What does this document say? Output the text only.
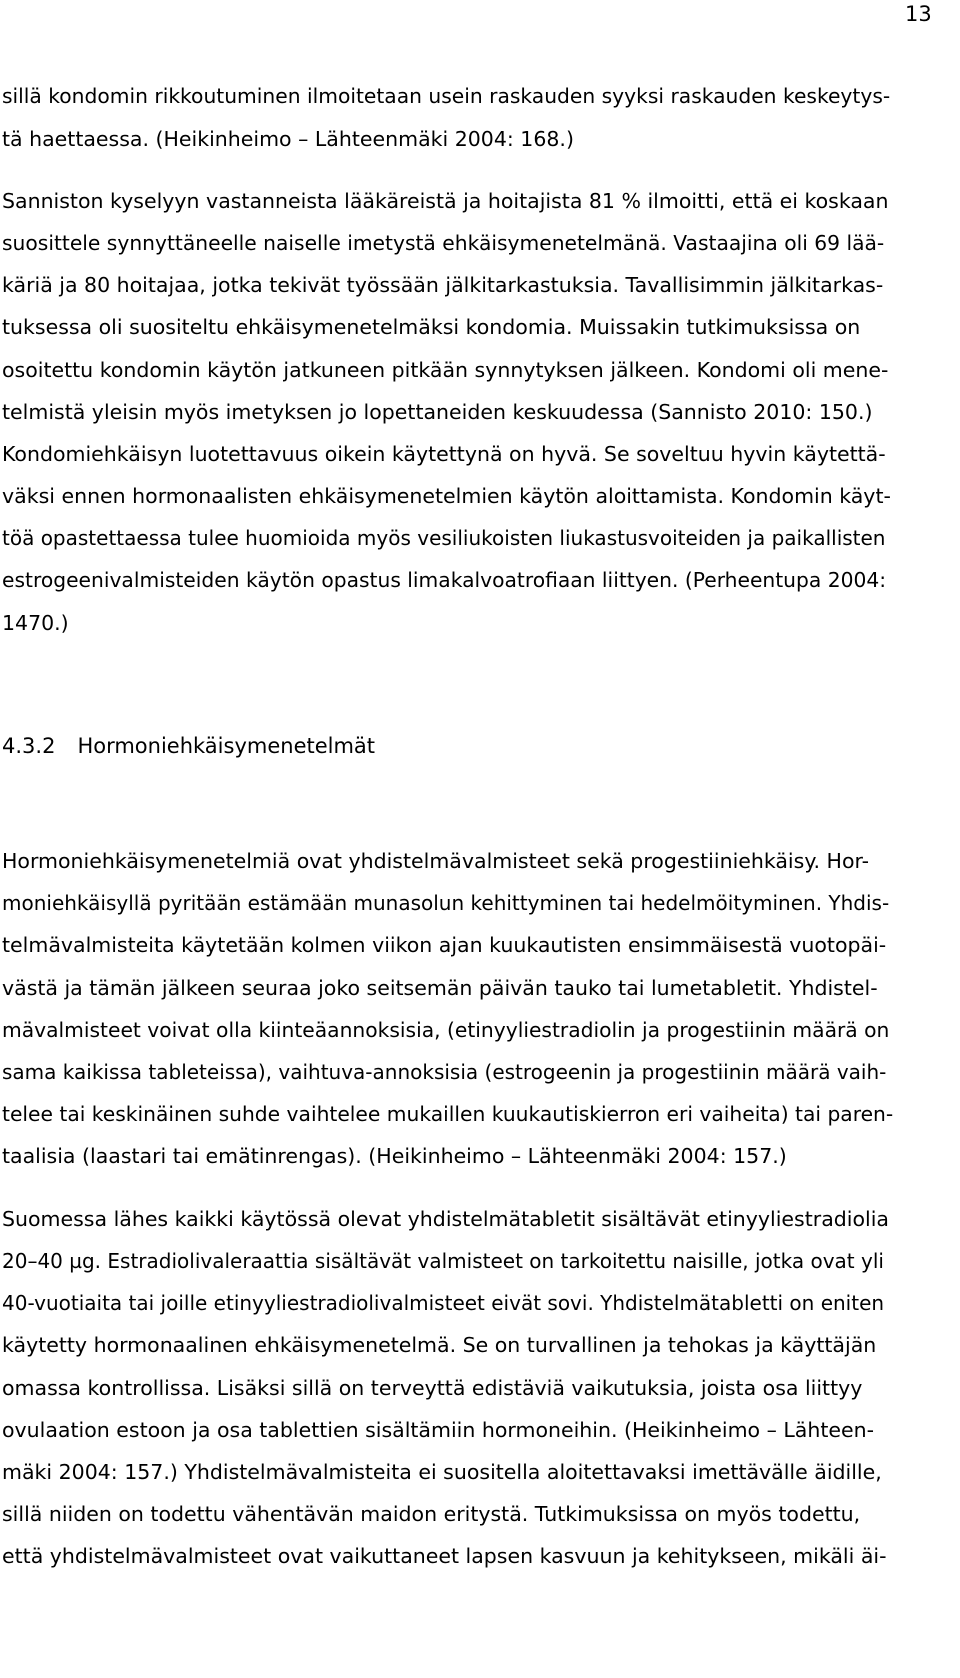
13
sillä kondomin rikkoutuminen ilmoitetaan usein raskauden syyksi raskauden keskeytys-
tä haettaessa. (Heikinheimo – Lähteenmäki 2004: 168.)
Sanniston kyselyyn vastanneista lääkäreistä ja hoitajista 81 % ilmoitti, että ei koskaan
suosittele synnyttäneelle naiselle imetystä ehkäisymenetelmänä. Vastaajina oli 69 lää-
käriä ja 80 hoitajaa, jotka tekivät työssään jälkitarkastuksia. Tavallisimmin jälkitarkas-
tuksessa oli suositeltu ehkäisymenetelmäksi kondomia. Muissakin tutkimuksissa on
osoitettu kondomin käytön jatkuneen pitkään synnytyksen jälkeen. Kondomi oli mene-
telmistä yleisin myös imetyksen jo lopettaneiden keskuudessa (Sannisto 2010: 150.)
Kondomiehkäisyn luotettavuus oikein käytettynä on hyvä. Se soveltuu hyvin käytettä-
väksi ennen hormonaalisten ehkäisymenetelmien käytön aloittamista. Kondomin käyt-
töä opastettaessa tulee huomioida myös vesiliukoisten liukastusvoiteiden ja paikallisten
estrogeenivalmisteiden käytön opastus limakalvoatrofiaan liittyen. (Perheentupa 2004:
1470.)
4.3.2 Hormoniehkäisymenetelmät
Hormoniehkäisymenetelmiä ovat yhdistelmävalmisteet sekä progestiiniehkäisy. Hor-
moniehkäisyllä pyritään estämään munasolun kehittyminen tai hedelmöityminen. Yhdis-
telmävalmisteita käytetään kolmen viikon ajan kuukautisten ensimmäisestä vuotopäi-
västä ja tämän jälkeen seuraa joko seitsemän päivän tauko tai lumetabletit. Yhdistel-
mävalmisteet voivat olla kiinteäannoksisia, (etinyyliestradiolin ja progestiinin määrä on
sama kaikissa tableteissa), vaihtuva-annoksisia (estrogeenin ja progestiinin määrä vaih-
telee tai keskinäinen suhde vaihtelee mukaillen kuukautiskierron eri vaiheita) tai paren-
taalisia (laastari tai emätinrengas). (Heikinheimo – Lähteenmäki 2004: 157.)
Suomessa lähes kaikki käytössä olevat yhdistelmätabletit sisältävät etinyyliestradiolia
20–40 µg. Estradiolivaleraattia sisältävät valmisteet on tarkoitettu naisille, jotka ovat yli
40-vuotiaita tai joille etinyyliestradiolivalmisteet eivät sovi. Yhdistelmätabletti on eniten
käytetty hormonaalinen ehkäisymenetelmä. Se on turvallinen ja tehokas ja käyttäjän
omassa kontrollissa. Lisäksi sillä on terveyttä edistäviä vaikutuksia, joista osa liittyy
ovulaation estoon ja osa tablettien sisältämiin hormoneihin. (Heikinheimo – Lähteen-
mäki 2004: 157.) Yhdistelmävalmisteita ei suositella aloitettavaksi imettävälle äidille,
sillä niiden on todettu vähentävän maidon eritystä. Tutkimuksissa on myös todettu,
että yhdistelmävalmisteet ovat vaikuttaneet lapsen kasvuun ja kehitykseen, mikäli äi-
